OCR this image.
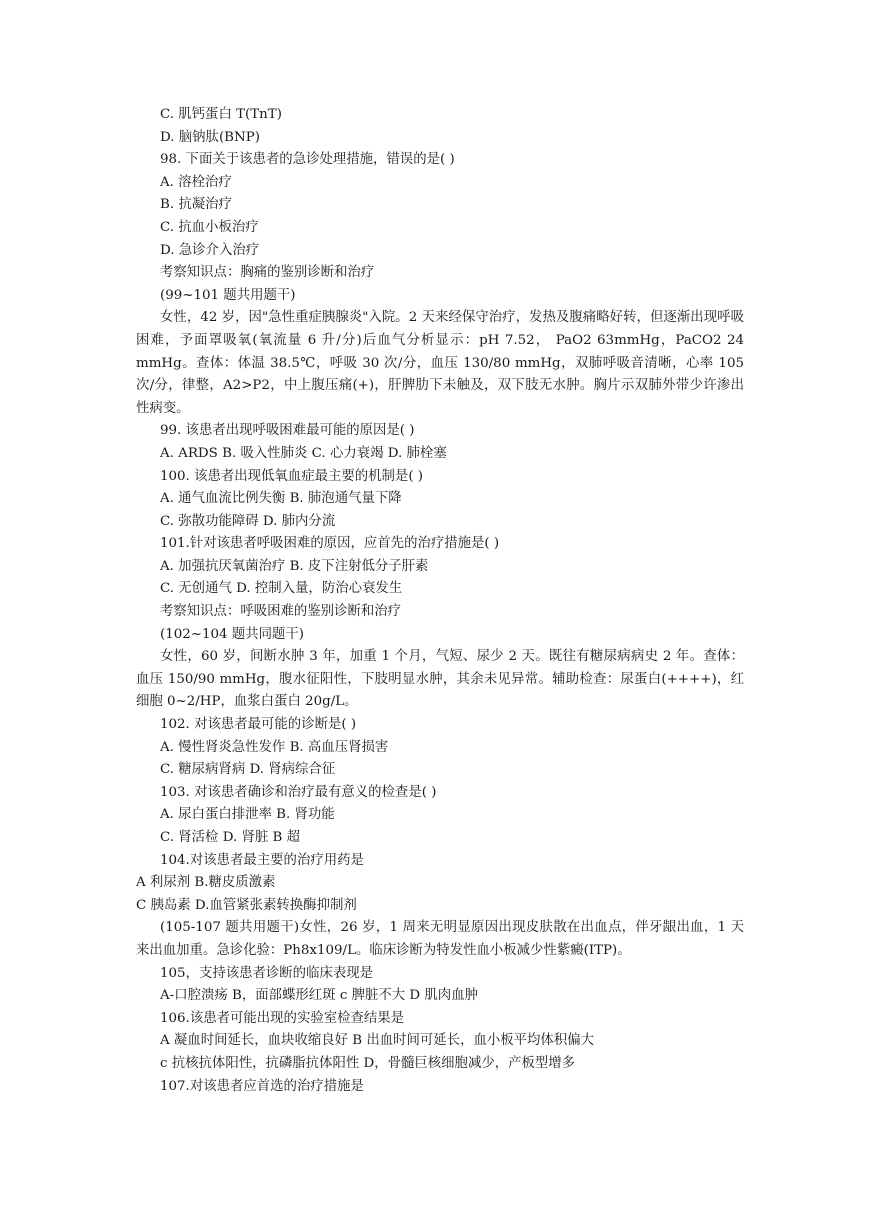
C. 肌钙蛋白 T(TnT)

D. 脑钠肽(BNP)

98. 下面关于该患者的急诊处理措施，错误的是( )

A. 溶栓治疗

B. 抗凝治疗

C. 抗血小板治疗

D. 急诊介入治疗

考察知识点：胸痛的鉴别诊断和治疗

(99~101 题共用题干)

女性，42 岁，因"急性重症胰腺炎"入院。2 天来经保守治疗，发热及腹痛略好转，但逐渐出现呼吸困难，予面罩吸氧(氧流量 6 升/分)后血气分析显示：pH 7.52， PaO2 63mmHg，PaCO2 24 mmHg。查体：体温 38.5℃，呼吸 30 次/分，血压 130/80 mmHg，双肺呼吸音清晰，心率 105 次/分，律整，A2>P2，中上腹压痛(+)，肝脾肋下未触及，双下肢无水肿。胸片示双肺外带少许渗出性病变。

99. 该患者出现呼吸困难最可能的原因是( )

A. ARDS B. 吸入性肺炎 C. 心力衰竭 D. 肺栓塞

100. 该患者出现低氧血症最主要的机制是( )

A. 通气血流比例失衡 B. 肺泡通气量下降

C. 弥散功能障碍 D. 肺内分流

101.针对该患者呼吸困难的原因，应首先的治疗措施是( )

A. 加强抗厌氧菌治疗 B. 皮下注射低分子肝素

C. 无创通气 D. 控制入量，防治心衰发生

考察知识点：呼吸困难的鉴别诊断和治疗

(102~104 题共同题干)

女性，60 岁，间断水肿 3 年，加重 1 个月，气短、尿少 2 天。既往有糖尿病病史 2 年。查体：血压 150/90 mmHg，腹水征阳性，下肢明显水肿，其余未见异常。辅助检查：尿蛋白(++++)，红细胞 0~2/HP，血浆白蛋白 20g/L。

102. 对该患者最可能的诊断是( )

A. 慢性肾炎急性发作 B. 高血压肾损害

C. 糖尿病肾病 D. 肾病综合征

103. 对该患者确诊和治疗最有意义的检查是( )

A. 尿白蛋白排泄率 B. 肾功能

C. 肾活检 D. 肾脏 B 超

104.对该患者最主要的治疗用药是

A 利尿剂 B.糖皮质激素

C 胰岛素 D.血管紧张素转换酶抑制剂

(105-107 题共用题干)女性，26 岁，1 周来无明显原因出现皮肤散在出血点，伴牙龈出血，1 天来出血加重。急诊化验：Ph8x109/L。临床诊断为特发性血小板减少性紫癜(ITP)。

105，支持该患者诊断的临床表现是

A-口腔溃疡 B，面部蝶形红斑 c 脾脏不大 D 肌肉血肿

106.该患者可能出现的实验室检查结果是

A 凝血时间延长，血块收缩良好 B 出血时间可延长，血小板平均体积偏大

c 抗核抗体阳性，抗磷脂抗体阳性 D，骨髓巨核细胞减少，产板型增多

107.对该患者应首选的治疗措施是
